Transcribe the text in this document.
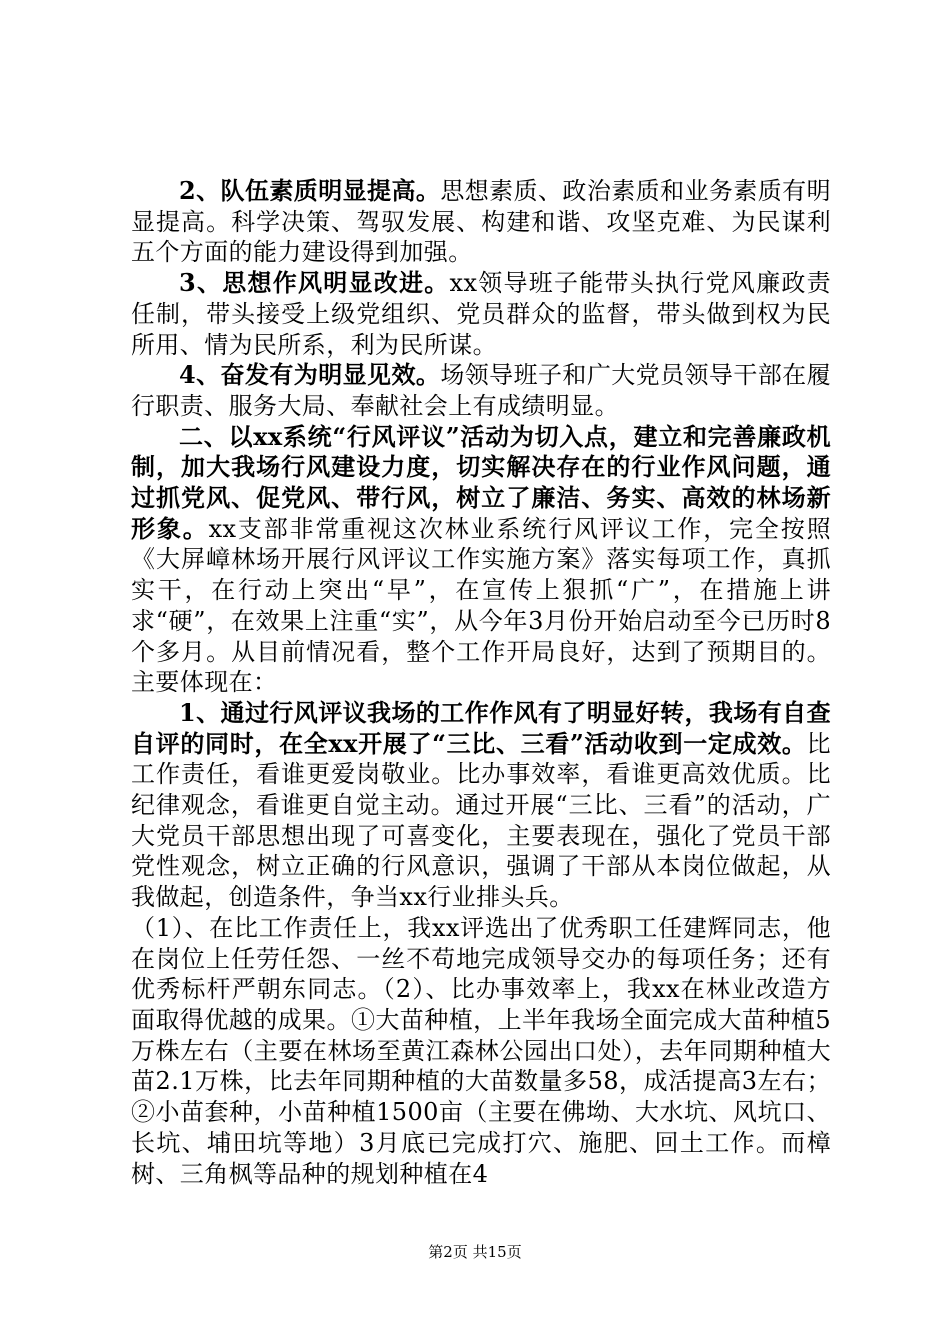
2、队伍素质明显提高。思想素质、政治素质和业务素质有明显提高。科学决策、驾驭发展、构建和谐、攻坚克难、为民谋利五个方面的能力建设得到加强。

3、思想作风明显改进。xx领导班子能带头执行党风廉政责任制，带头接受上级党组织、党员群众的监督，带头做到权为民所用、情为民所系，利为民所谋。

4、奋发有为明显见效。场领导班子和广大党员领导干部在履行职责、服务大局、奉献社会上有成绩明显。

二、以xx系统“行风评议”活动为切入点，建立和完善廉政机制，加大我场行风建设力度，切实解决存在的行业作风问题，通过抓党风、促党风、带行风，树立了廉洁、务实、高效的林场新形象。xx支部非常重视这次林业系统行风评议工作，完全按照《大屏嶂林场开展行风评议工作实施方案》落实每项工作，真抓实干，在行动上突出“早”，在宣传上狠抓“广”，在措施上讲求“硬”，在效果上注重“实”，从今年3月份开始启动至今已历时8个多月。从目前情况看，整个工作开局良好，达到了预期目的。主要体现在：

1、通过行风评议我场的工作作风有了明显好转，我场有自查自评的同时，在全xx开展了“三比、三看”活动收到一定成效。比工作责任，看谁更爱岗敬业。比办事效率，看谁更高效优质。比纪律观念，看谁更自觉主动。通过开展“三比、三看”的活动，广大党员干部思想出现了可喜变化，主要表现在，强化了党员干部党性观念，树立正确的行风意识，强调了干部从本岗位做起，从我做起，创造条件，争当xx行业排头兵。

（1）、在比工作责任上，我xx评选出了优秀职工任建辉同志，他在岗位上任劳任怨、一丝不苟地完成领导交办的每项任务；还有优秀标杆严朝东同志。（2）、比办事效率上，我xx在林业改造方面取得优越的成果。①大苗种植，上半年我场全面完成大苗种植5万株左右（主要在林场至黄江森林公园出口处），去年同期种植大苗2.1万株，比去年同期种植的大苗数量多58，成活提高3左右；②小苗套种，小苗种植1500亩（主要在佛坳、大水坑、风坑口、长坑、埔田坑等地）3月底已完成打穴、施肥、回土工作。而樟树、三角枫等品种的规划种植在4

第2页 共15页
